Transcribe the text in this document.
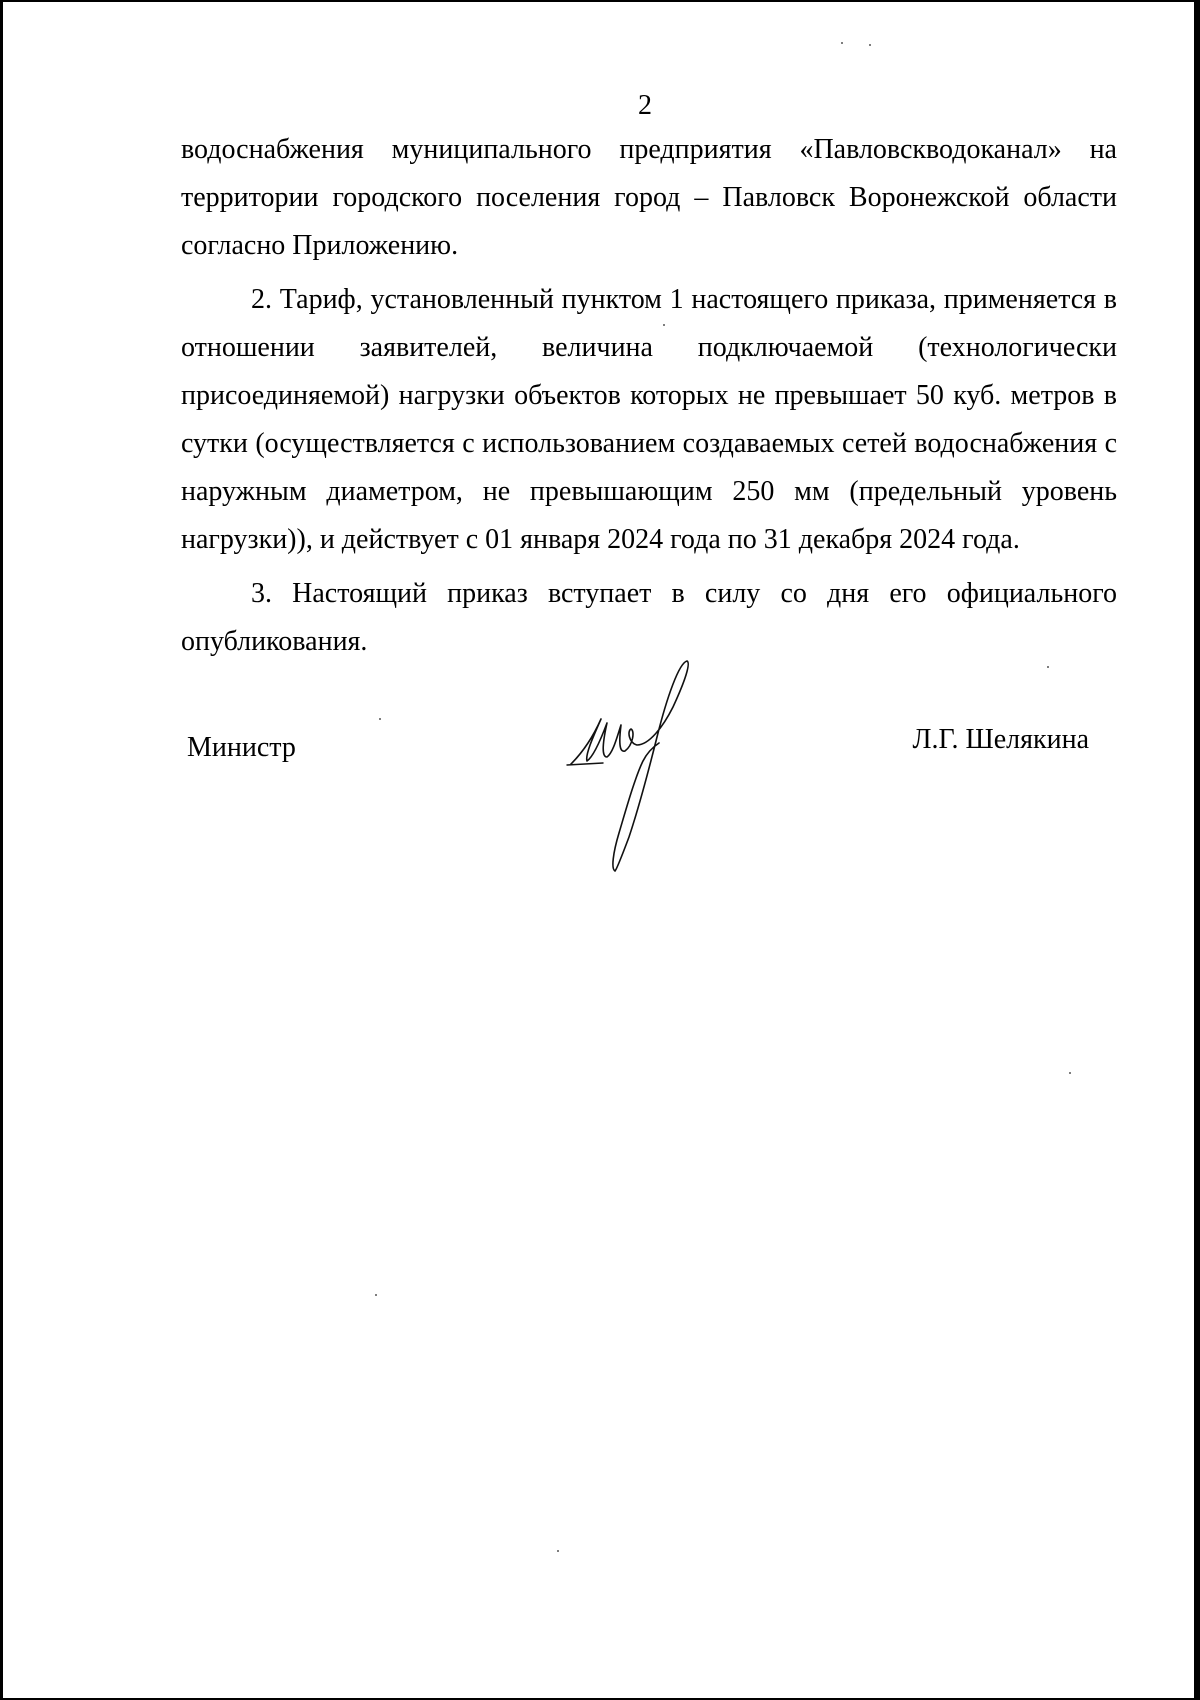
2

водоснабжения муниципального предприятия «Павловскводоканал» на территории городского поселения город – Павловск Воронежской области согласно Приложению.

2. Тариф, установленный пунктом 1 настоящего приказа, применяется в отношении заявителей, величина подключаемой (технологически присоединяемой) нагрузки объектов которых не превышает 50 куб. метров в сутки (осуществляется с использованием создаваемых сетей водоснабжения с наружным диаметром, не превышающим 250 мм (предельный уровень нагрузки)), и действует с 01 января 2024 года по 31 декабря 2024 года.

3. Настоящий приказ вступает в силу со дня его официального опубликования.

Министр	Л.Г. Шелякина
